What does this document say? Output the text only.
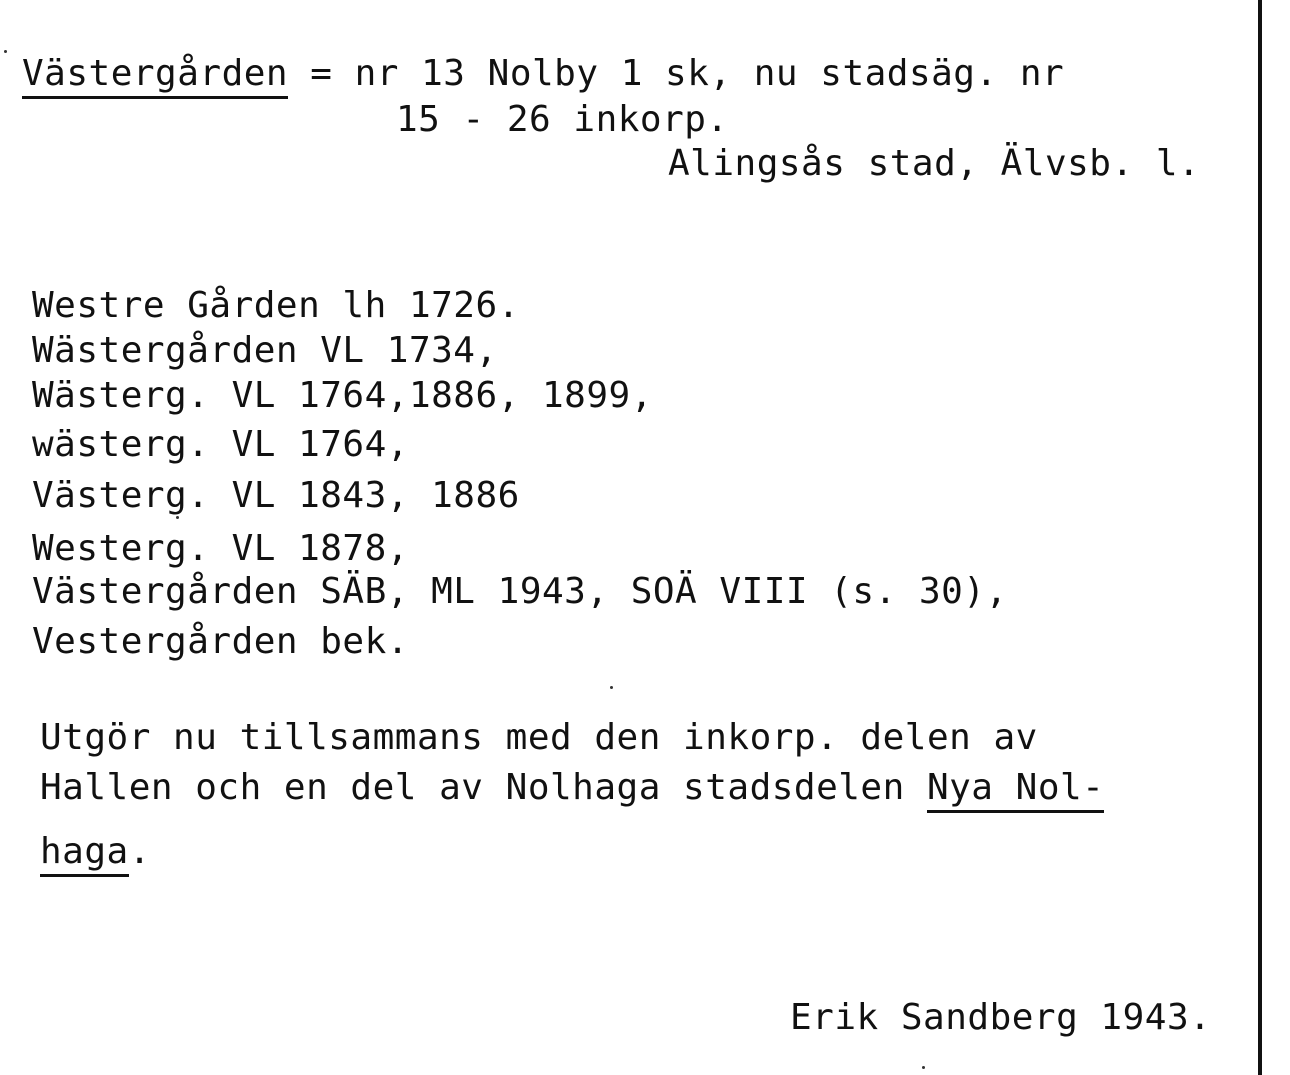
Västergården = nr 13 Nolby 1 sk, nu stadsäg. nr
15 - 26 inkorp.
Alingsås stad, Älvsb. l.
Westre Gården lh 1726.
Wästergården VL 1734,
Wästerg. VL 1764,1886, 1899,
wästerg. VL 1764,
Västerg. VL 1843, 1886
Westerg. VL 1878,
Västergården SÄB, ML 1943, SOÄ VIII (s. 30),
Vestergården bek.
Utgör nu tillsammans med den inkorp. delen av
Hallen och en del av Nolhaga stadsdelen Nya Nol-
haga.
Erik Sandberg 1943.
